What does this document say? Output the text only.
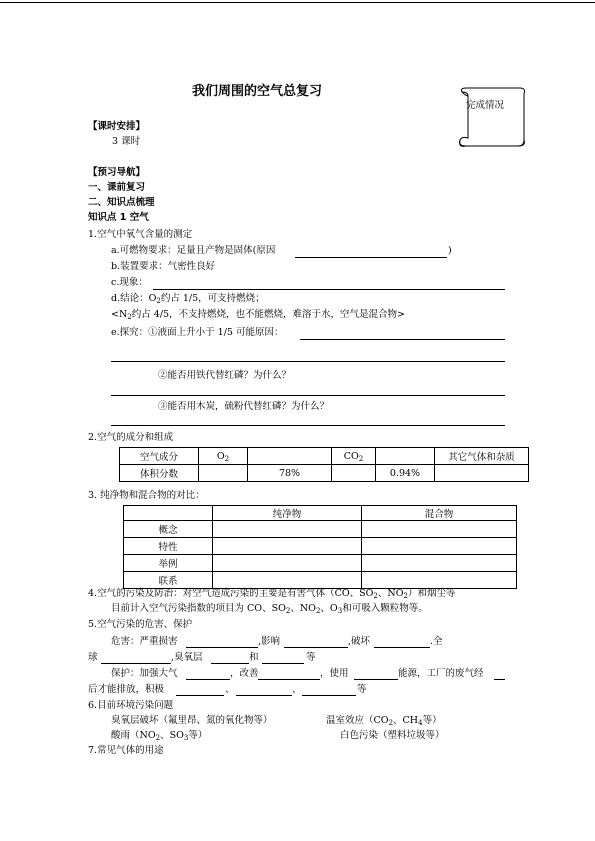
我们周围的空气总复习
完成情况
【课时安排】
3 课时
【预习导航】
一、课前复习
二、知识点梳理
知识点 1 空气
1.空气中氧气含量的测定
a.可燃物要求：足量且产物是固体(原因	)
b.装置要求：气密性良好
c.现象：
d.结论：$O_2$约占 1/5，可支持燃烧；
$<N_2$约占 4/5，不支持燃烧，也不能燃烧，难溶于水，空气是混合物>
e.探究：①液面上升小于 1/5 可能原因：
②能否用铁代替红磷？为什么？
③能否用木炭，硫粉代替红磷？为什么？
2.空气的成分和组成
空气成分	$O_2$		$CO_2$		其它气体和杂质
体积分数		78%		0.94%	
3. 纯净物和混合物的对比：
	纯净物	混合物
概念		
特性		
举例		
联系		
4.空气的污染及防治：对空气造成污染的主要是有害气体（CO、$SO_2$、$NO_2$）和烟尘等
目前计入空气污染指数的项目为 CO、$SO_2$、$NO_2$、$O_3$和可吸入颗粒物等。
5.空气污染的危害、保护
危害：严重损害	,影响	,破坏	.全
球	,臭氧层	和	等
保护：加强大气	，改善	，使用	能源，工厂的废气经
后才能排放，积极	、	、	等
6.目前环境污染问题
臭氧层破坏（氟里昂、氮的氧化物等）	温室效应（$CO_2$、$CH_4$等）
酸雨（$NO_2$、$SO_3$等）	白色污染（塑料垃圾等）
7.常见气体的用途
